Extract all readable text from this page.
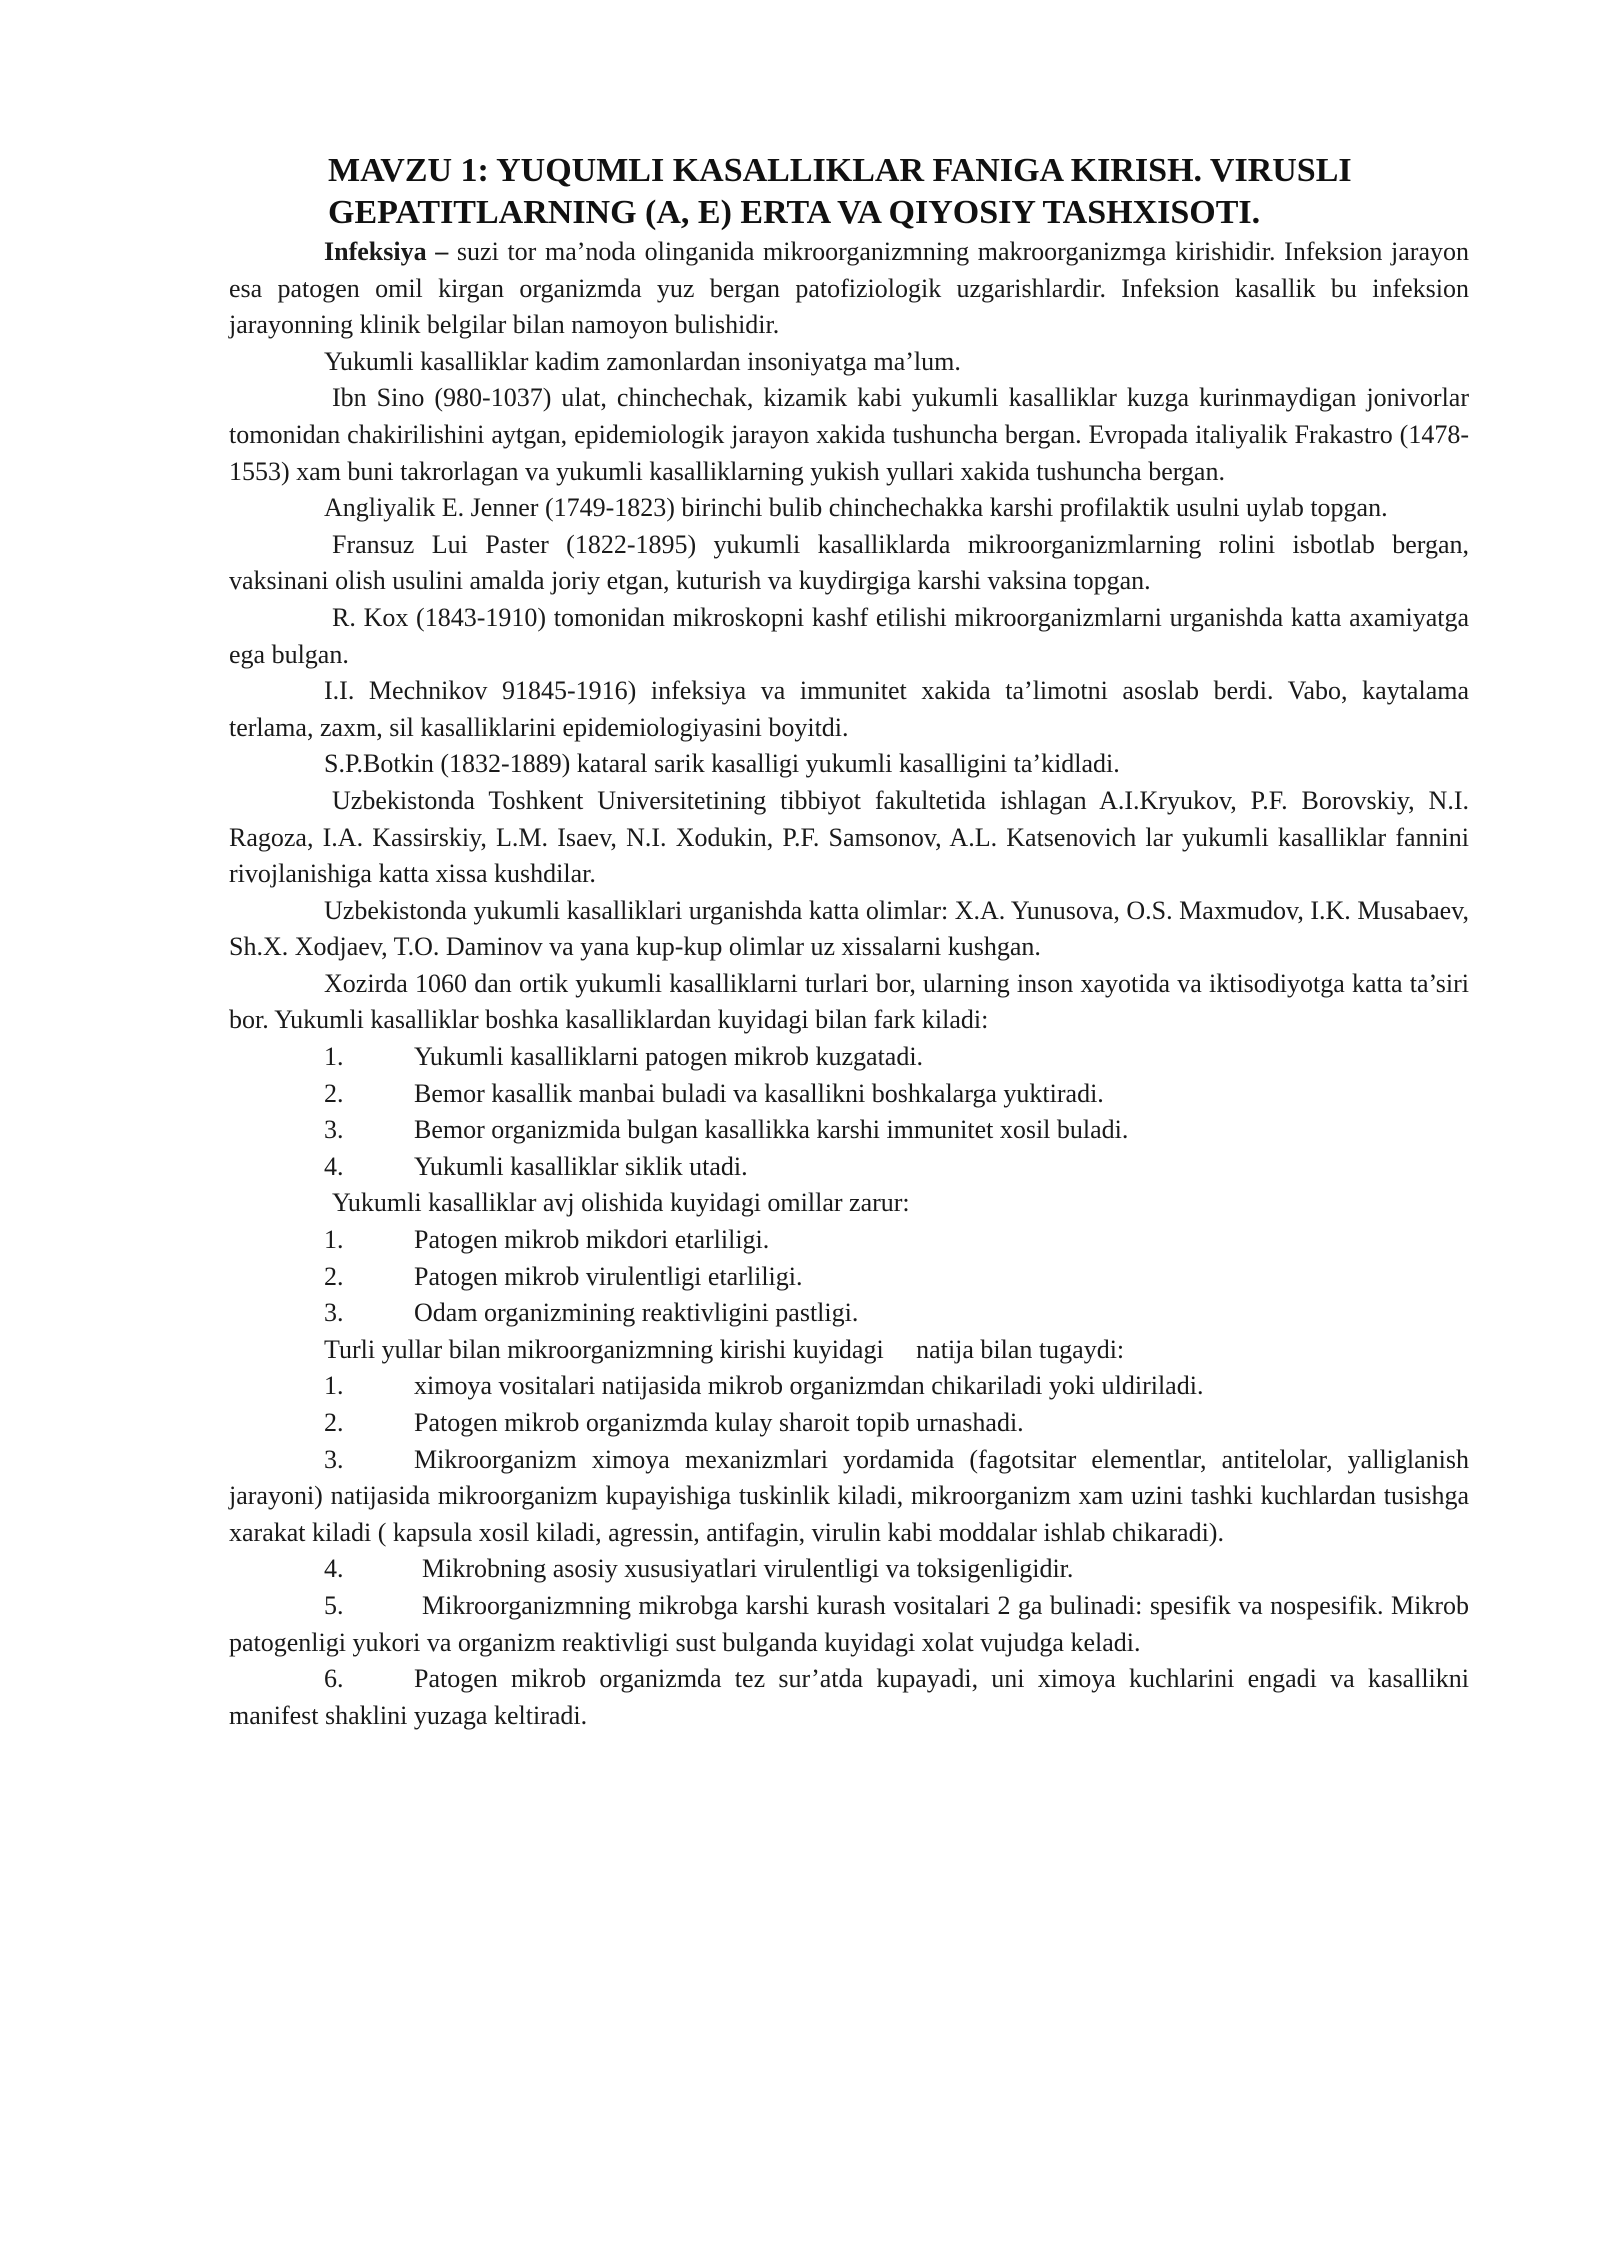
MAVZU 1: YUQUMLI KASALLIKLAR FANIGA KIRISH. VIRUSLI GEPATITLARNING (A, E) ERTA VA QIYOSIY TASHXISOTI.

Infeksiya – suzi tor ma’noda olinganida mikroorganizmning makroorganizmga kirishidir. Infeksion jarayon esa patogen omil kirgan organizmda yuz bergan patofiziologik uzgarishlardir. Infeksion kasallik bu infeksion jarayonning klinik belgilar bilan namoyon bulishidir.

Yukumli kasalliklar kadim zamonlardan insoniyatga ma’lum.

Ibn Sino (980-1037) ulat, chinchechak, kizamik kabi yukumli kasalliklar kuzga kurinmaydigan jonivorlar tomonidan chakirilishini aytgan, epidemiologik jarayon xakida tushuncha bergan. Evropada italiyalik Frakastro (1478-1553) xam buni takrorlagan va yukumli kasalliklarning yukish yullari xakida tushuncha bergan.

Angliyalik E. Jenner (1749-1823) birinchi bulib chinchechakka karshi profilaktik usulni uylab topgan.

Fransuz Lui Paster (1822-1895) yukumli kasalliklarda mikroorganizmlarning rolini isbotlab bergan, vaksinani olish usulini amalda joriy etgan, kuturish va kuydirgiga karshi vaksina topgan.

R. Kox (1843-1910) tomonidan mikroskopni kashf etilishi mikroorganizmlarni urganishda katta axamiyatga ega bulgan.

I.I. Mechnikov 91845-1916) infeksiya va immunitet xakida ta’limotni asoslab berdi. Vabo, kaytalama terlama, zaxm, sil kasalliklarini epidemiologiyasini boyitdi.

S.P.Botkin (1832-1889) kataral sarik kasalligi yukumli kasalligini ta’kidladi.

Uzbekistonda Toshkent Universitetining tibbiyot fakultetida ishlagan A.I.Kryukov, P.F. Borovskiy, N.I. Ragoza, I.A. Kassirskiy, L.M. Isaev, N.I. Xodukin, P.F. Samsonov, A.L. Katsenovich lar yukumli kasalliklar fannini rivojlanishiga katta xissa kushdilar.

Uzbekistonda yukumli kasalliklari urganishda katta olimlar: X.A. Yunusova, O.S. Maxmudov, I.K. Musabaev, Sh.X. Xodjaev, T.O. Daminov va yana kup-kup olimlar uz xissalarni kushgan.

Xozirda 1060 dan ortik yukumli kasalliklarni turlari bor, ularning inson xayotida va iktisodiyotga katta ta’siri bor. Yukumli kasalliklar boshka kasalliklardan kuyidagi bilan fark kiladi:

1.	Yukumli kasalliklarni patogen mikrob kuzgatadi.

2.	Bemor kasallik manbai buladi va kasallikni boshkalarga yuktiradi.

3.	Bemor organizmida bulgan kasallikka karshi immunitet xosil buladi.

4.	Yukumli kasalliklar siklik utadi.

Yukumli kasalliklar avj olishida kuyidagi omillar zarur:

1.	Patogen mikrob mikdori etarliligi.

2.	Patogen mikrob virulentligi etarliligi.

3.	Odam organizmining reaktivligini pastligi.

Turli yullar bilan mikroorganizmning kirishi kuyidagi     natija bilan tugaydi:

1.	ximoya vositalari natijasida mikrob organizmdan chikariladi yoki uldiriladi.

2.	Patogen mikrob organizmda kulay sharoit topib urnashadi.

3.	Mikroorganizm ximoya mexanizmlari yordamida (fagotsitar elementlar, antitelolar, yalliglanish jarayoni) natijasida mikroorganizm kupayishiga tuskinlik kiladi, mikroorganizm xam uzini tashki kuchlardan tusishga xarakat kiladi ( kapsula xosil kiladi, agressin, antifagin, virulin kabi moddalar ishlab chikaradi).

4.	Mikrobning asosiy xususiyatlari virulentligi va toksigenligidir.

5.	Mikroorganizmning mikrobga karshi kurash vositalari 2 ga bulinadi: spesifik va nospesifik. Mikrob patogenligi yukori va organizm reaktivligi sust bulganda kuyidagi xolat vujudga keladi.

6.	Patogen mikrob organizmda tez sur’atda kupayadi, uni ximoya kuchlarini engadi va kasallikni manifest shaklini yuzaga keltiradi.
